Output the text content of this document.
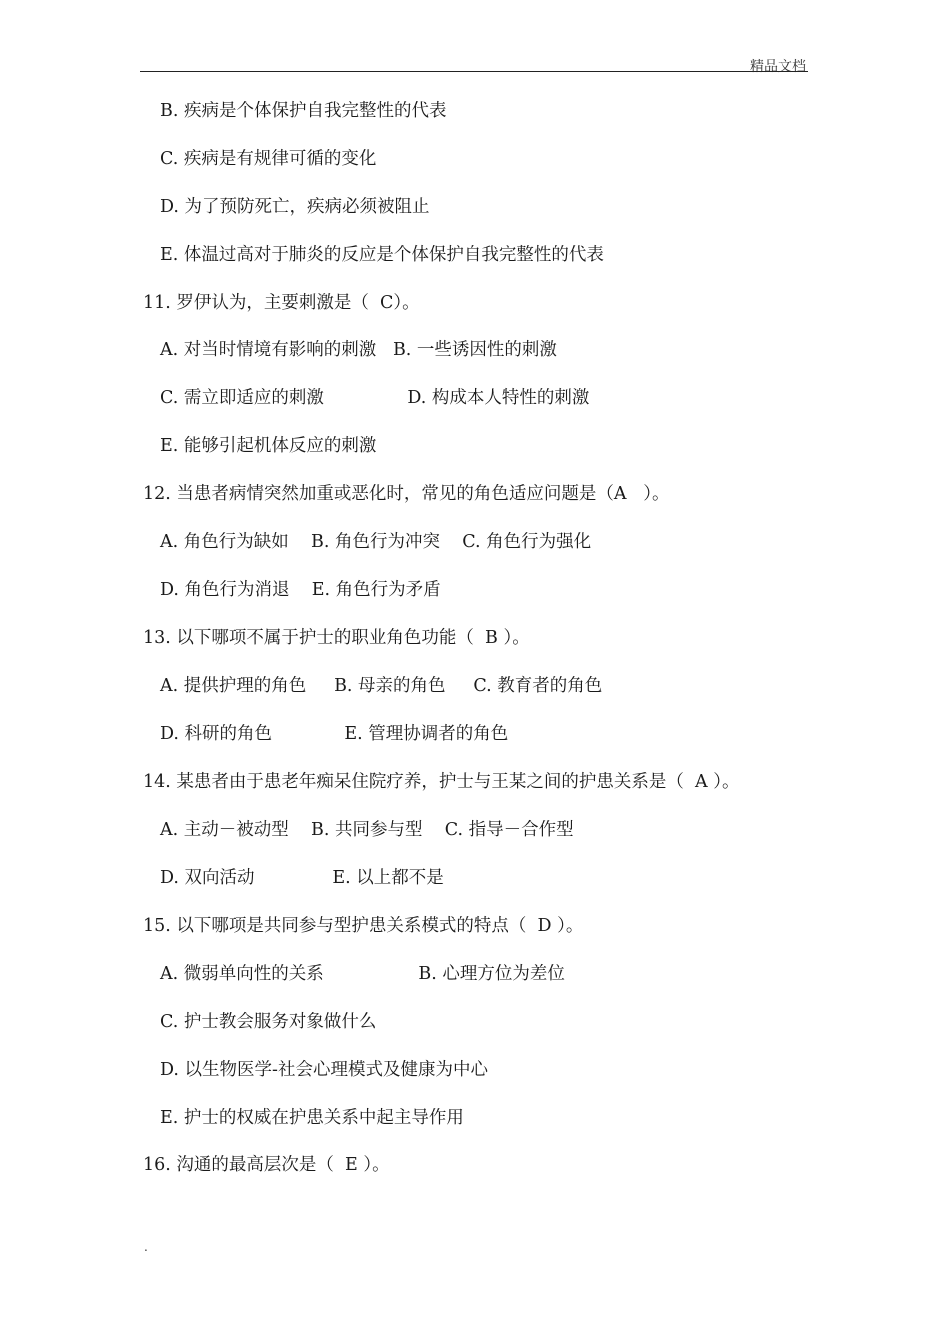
精品文档
B. 疾病是个体保护自我完整性的代表
C. 疾病是有规律可循的变化
D. 为了预防死亡，疾病必须被阻止
E. 体温过高对于肺炎的反应是个体保护自我完整性的代表
11. 罗伊认为，主要刺激是（  C）。
A. 对当时情境有影响的刺激   B. 一些诱因性的刺激
C. 需立即适应的刺激               D. 构成本人特性的刺激
E. 能够引起机体反应的刺激
12. 当患者病情突然加重或恶化时，常见的角色适应问题是（A   ）。
A. 角色行为缺如    B. 角色行为冲突    C. 角色行为强化
D. 角色行为消退    E. 角色行为矛盾
13. 以下哪项不属于护士的职业角色功能（  B ）。
A. 提供护理的角色     B. 母亲的角色     C. 教育者的角色
D. 科研的角色             E. 管理协调者的角色
14. 某患者由于患老年痴呆住院疗养，护士与王某之间的护患关系是（  A ）。
A. 主动－被动型    B. 共同参与型    C. 指导－合作型
D. 双向活动              E. 以上都不是
15. 以下哪项是共同参与型护患关系模式的特点（  D ）。
A. 微弱单向性的关系                 B. 心理方位为差位
C. 护士教会服务对象做什么
D. 以生物医学-社会心理模式及健康为中心
E. 护士的权威在护患关系中起主导作用
16. 沟通的最高层次是（  E ）。
.
